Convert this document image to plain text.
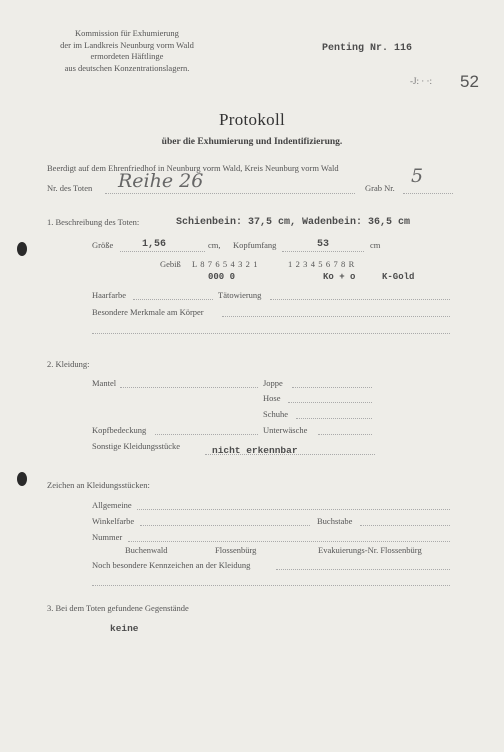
Kommission für Exhumierung
der im Landkreis Neunburg vorm Wald
ermordeten Häftlinge
aus deutschen Konzentrationslagern.
Penting Nr. 116
-J: · ·: 52
Protokoll
über die Exhumierung und Indentifizierung.
Beerdigt auf dem Ehrenfriedhof in Neunburg vorm Wald, Kreis Neunburg vorm Wald
Nr. des Toten Reihe 26	Grab Nr.
5
1. Beschreibung des Toten:	Schienbein: 37,5 cm, Wadenbein: 36,5 cm
Größe	1,56	cm, Kopfumfang	53	cm
Gebiß L 8 7 6 5 4 3 2 1	1 2 3 4 5 6 7 8 R
000 0	Ko + o	K-Gold
Haarfarbe	Tätowierung
Besondere Merkmale am Körper
2. Kleidung:
Mantel	Joppe
Hose
Schuhe
Kopfbedeckung	Unterwäsche
Sonstige Kleidungsstücke	nicht erkennbar
Zeichen an Kleidungsstücken:
Allgemeine
Winkelfarbe	Buchstabe
Nummer
Buchenwald	Flossenbürg	Evakuierungs-Nr. Flossenbürg
Noch besondere Kennzeichen an der Kleidung
3. Bei dem Toten gefundene Gegenstände
keine
